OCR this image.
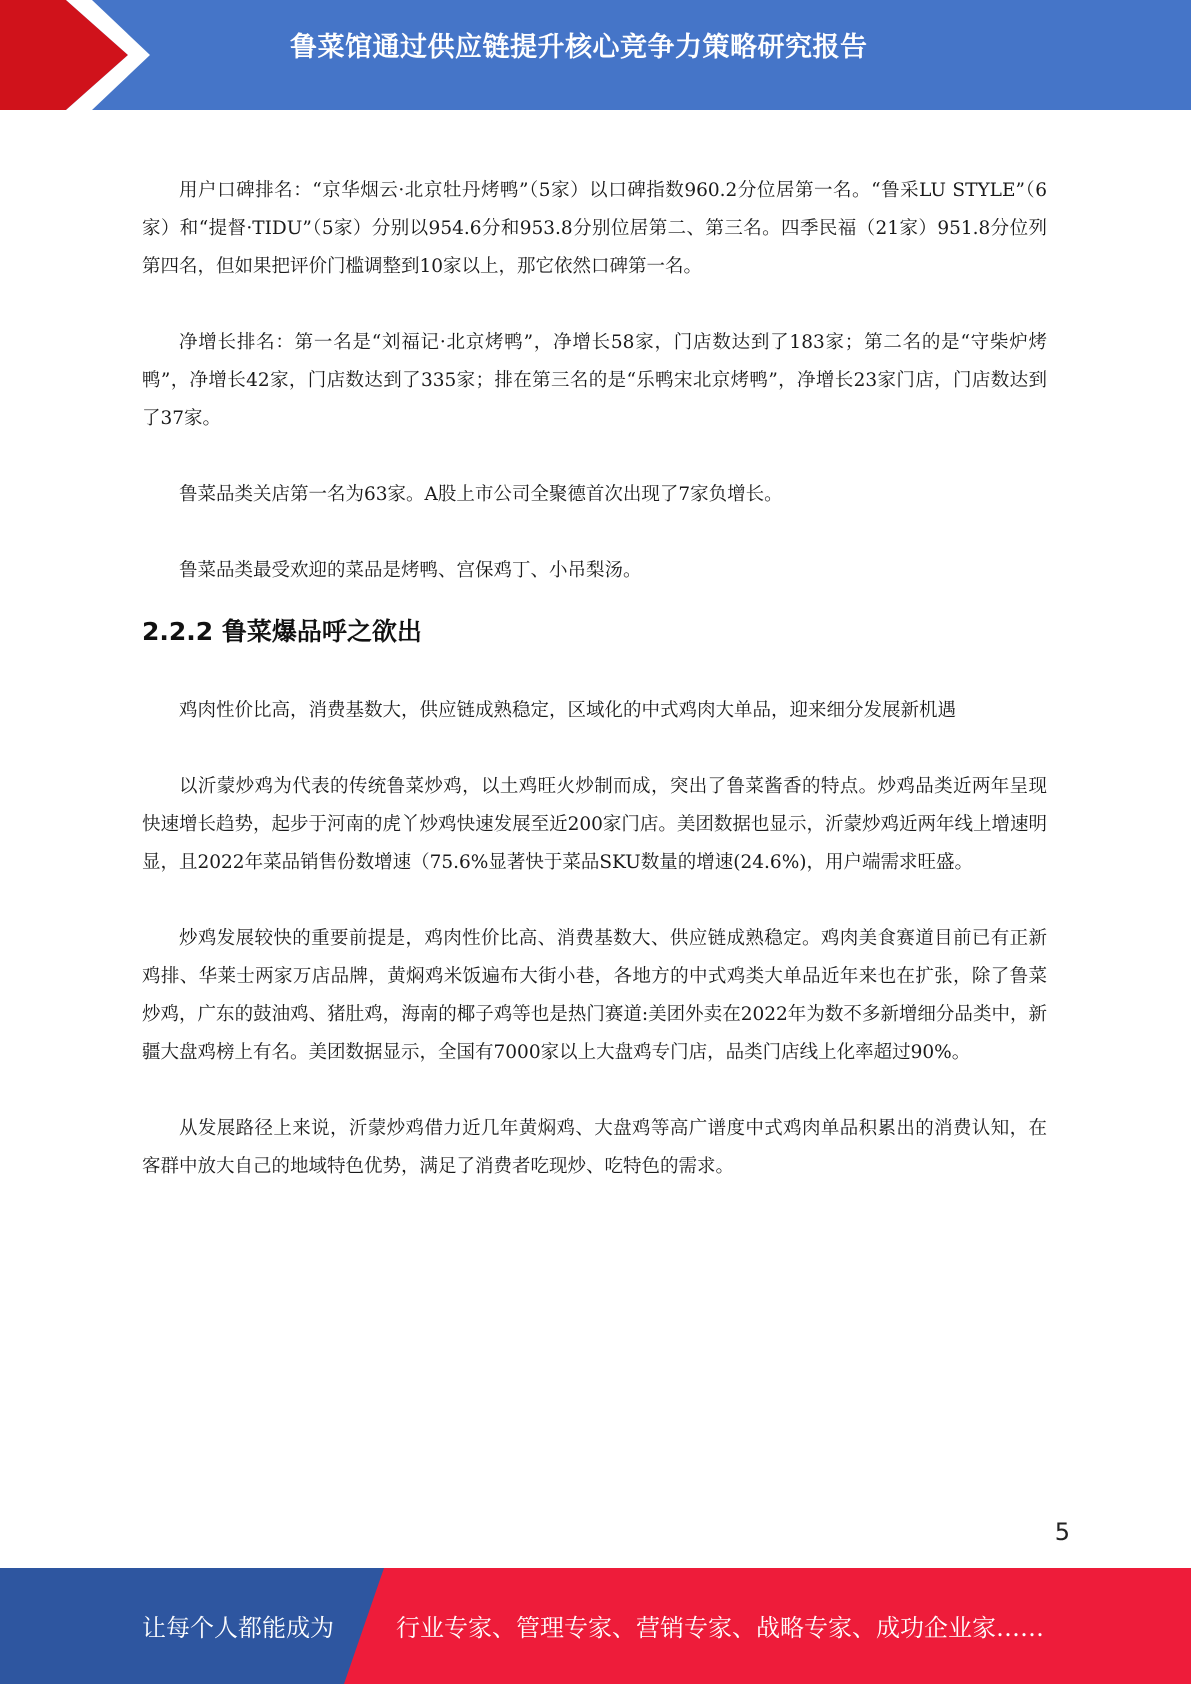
鲁菜馆通过供应链提升核心竞争力策略研究报告

用户口碑排名：“京华烟云·北京牡丹烤鸭”（5家）以口碑指数960.2分位居第一名。“鲁采LU STYLE”（6家）和“提督·TIDU”（5家）分别以954.6分和953.8分别位居第二、第三名。四季民福（21家）951.8分位列第四名，但如果把评价门槛调整到10家以上，那它依然口碑第一名。

净增长排名：第一名是“刘福记·北京烤鸭”，净增长58家，门店数达到了183家；第二名的是“守柴炉烤鸭”，净增长42家，门店数达到了335家；排在第三名的是“乐鸭宋北京烤鸭”，净增长23家门店，门店数达到了37家。

鲁菜品类关店第一名为63家。A股上市公司全聚德首次出现了7家负增长。

鲁菜品类最受欢迎的菜品是烤鸭、宫保鸡丁、小吊梨汤。

2.2.2 鲁菜爆品呼之欲出

鸡肉性价比高，消费基数大，供应链成熟稳定，区域化的中式鸡肉大单品，迎来细分发展新机遇

以沂蒙炒鸡为代表的传统鲁菜炒鸡，以土鸡旺火炒制而成，突出了鲁菜酱香的特点。炒鸡品类近两年呈现快速增长趋势，起步于河南的虎丫炒鸡快速发展至近200家门店。美团数据也显示，沂蒙炒鸡近两年线上增速明显，且2022年菜品销售份数增速（75.6%显著快于菜品SKU数量的增速(24.6%)，用户端需求旺盛。

炒鸡发展较快的重要前提是，鸡肉性价比高、消费基数大、供应链成熟稳定。鸡肉美食赛道目前已有正新鸡排、华莱士两家万店品牌，黄焖鸡米饭遍布大街小巷，各地方的中式鸡类大单品近年来也在扩张，除了鲁菜炒鸡，广东的鼓油鸡、猪肚鸡，海南的椰子鸡等也是热门赛道:美团外卖在2022年为数不多新增细分品类中，新疆大盘鸡榜上有名。美团数据显示，全国有7000家以上大盘鸡专门店，品类门店线上化率超过90%。

从发展路径上来说，沂蒙炒鸡借力近几年黄焖鸡、大盘鸡等高广谱度中式鸡肉单品积累出的消费认知，在客群中放大自己的地域特色优势，满足了消费者吃现炒、吃特色的需求。

5
让每个人都能成为	行业专家、管理专家、营销专家、战略专家、成功企业家……
